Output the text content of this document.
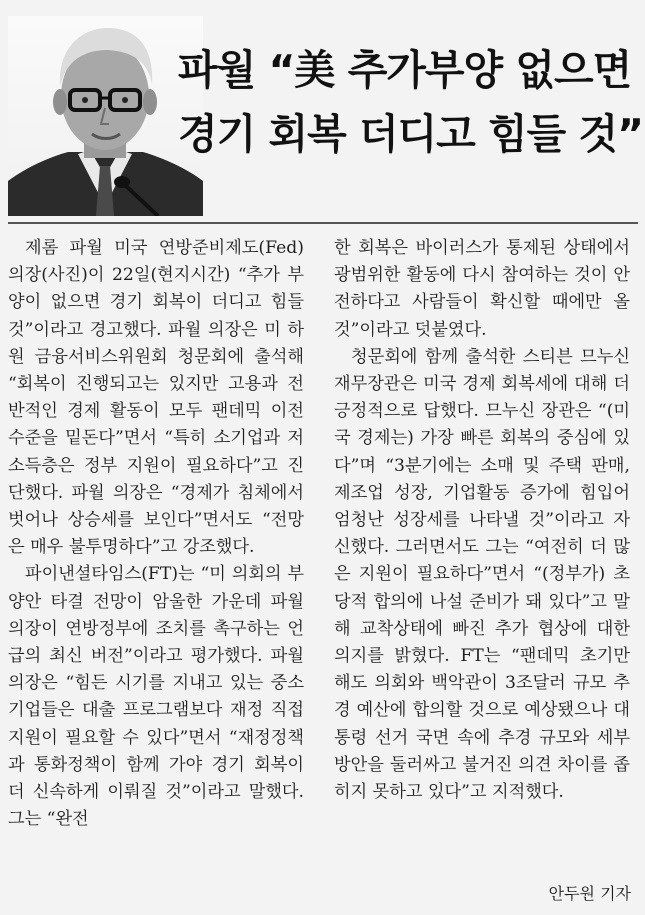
파월 “美 추가부양 없으면
경기 회복 더디고 힘들 것”

제롬 파월 미국 연방준비제도(Fed) 의장(사진)이 22일(현지시간) “추가 부양이 없으면 경기 회복이 더디고 힘들 것”이라고 경고했다. 파월 의장은 미 하원 금융서비스위원회 청문회에 출석해 “회복이 진행되고는 있지만 고용과 전반적인 경제 활동이 모두 팬데믹 이전 수준을 밑돈다”면서 “특히 소기업과 저소득층은 정부 지원이 필요하다”고 진단했다. 파월 의장은 “경제가 침체에서 벗어나 상승세를 보인다”면서도 “전망은 매우 불투명하다”고 강조했다.

파이낸셜타임스(FT)는 “미 의회의 부양안 타결 전망이 암울한 가운데 파월 의장이 연방정부에 조치를 촉구하는 언급의 최신 버전”이라고 평가했다. 파월 의장은 “힘든 시기를 지내고 있는 중소기업들은 대출 프로그램보다 재정 직접 지원이 필요할 수 있다”면서 “재정정책과 통화정책이 함께 가야 경기 회복이 더 신속하게 이뤄질 것”이라고 말했다. 그는 “완전

한 회복은 바이러스가 통제된 상태에서 광범위한 활동에 다시 참여하는 것이 안전하다고 사람들이 확신할 때에만 올 것”이라고 덧붙였다.

청문회에 함께 출석한 스티븐 므누신 재무장관은 미국 경제 회복세에 대해 더 긍정적으로 답했다. 므누신 장관은 “(미국 경제는) 가장 빠른 회복의 중심에 있다”며 “3분기에는 소매 및 주택 판매, 제조업 성장, 기업활동 증가에 힘입어 엄청난 성장세를 나타낼 것”이라고 자신했다. 그러면서도 그는 “여전히 더 많은 지원이 필요하다”면서 “(정부가) 초당적 합의에 나설 준비가 돼 있다”고 말해 교착상태에 빠진 추가 협상에 대한 의지를 밝혔다. FT는 “팬데믹 초기만 해도 의회와 백악관이 3조달러 규모 추경 예산에 합의할 것으로 예상됐으나 대통령 선거 국면 속에 추경 규모와 세부 방안을 둘러싸고 불거진 의견 차이를 좁히지 못하고 있다”고 지적했다.

안두원 기자
